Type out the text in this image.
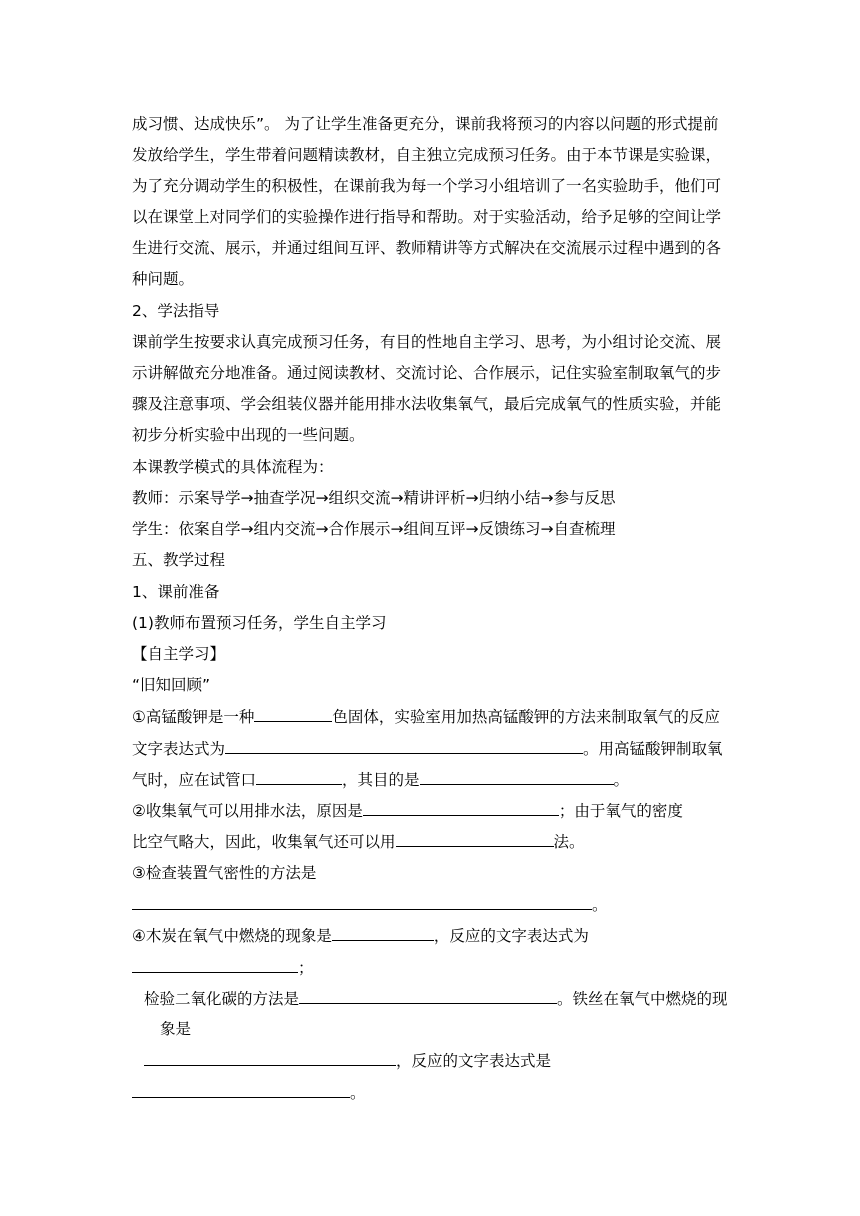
成习惯、达成快乐”。 为了让学生准备更充分，课前我将预习的内容以问题的形式提前
发放给学生，学生带着问题精读教材，自主独立完成预习任务。由于本节课是实验课，
为了充分调动学生的积极性，在课前我为每一个学习小组培训了一名实验助手，他们可
以在课堂上对同学们的实验操作进行指导和帮助。对于实验活动，给予足够的空间让学
生进行交流、展示，并通过组间互评、教师精讲等方式解决在交流展示过程中遇到的各
种问题。
2、学法指导
课前学生按要求认真完成预习任务，有目的性地自主学习、思考，为小组讨论交流、展
示讲解做充分地准备。通过阅读教材、交流讨论、合作展示，记住实验室制取氧气的步
骤及注意事项、学会组装仪器并能用排水法收集氧气，最后完成氧气的性质实验，并能
初步分析实验中出现的一些问题。
本课教学模式的具体流程为：
教师：示案导学→抽查学况→组织交流→精讲评析→归纳小结→参与反思
学生：依案自学→组内交流→合作展示→组间互评→反馈练习→自查梳理
五、教学过程
1、课前准备
(1)教师布置预习任务，学生自主学习
【自主学习】
“旧知回顾”
①高锰酸钾是一种	色固体，实验室用加热高锰酸钾的方法来制取氧气的反应
文字表达式为	。用高锰酸钾制取氧
气时，应在试管口	，其目的是	。
②收集氧气可以用排水法，原因是	；由于氧气的密度
比空气略大，因此，收集氧气还可以用	法。
③检查装置气密性的方法是
。
④木炭在氧气中燃烧的现象是	，反应的文字表达式为
；
检验二氧化碳的方法是	。铁丝在氧气中燃烧的现
象是
，反应的文字表达式是
。
